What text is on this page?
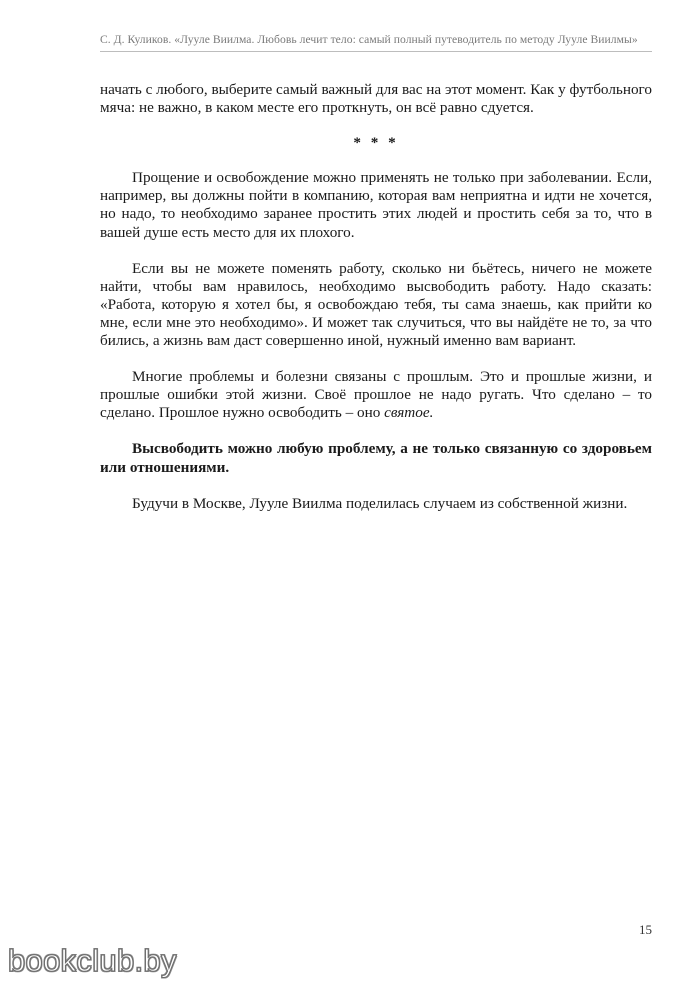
С. Д. Куликов. «Лууле Виилма. Любовь лечит тело: самый полный путеводитель по методу Лууле Виилмы»

начать с любого, выберите самый важный для вас на этот момент. Как у футбольного мяча: не важно, в каком месте его проткнуть, он всё равно сдуется.

* * *

Прощение и освобождение можно применять не только при заболевании. Если, например, вы должны пойти в компанию, которая вам неприятна и идти не хочется, но надо, то необходимо заранее простить этих людей и простить себя за то, что в вашей душе есть место для их плохого.

Если вы не можете поменять работу, сколько ни бьётесь, ничего не можете найти, чтобы вам нравилось, необходимо высвободить работу. Надо сказать: «Работа, которую я хотел бы, я освобождаю тебя, ты сама знаешь, как прийти ко мне, если мне это необходимо». И может так случиться, что вы найдёте не то, за что бились, а жизнь вам даст совершенно иной, нужный именно вам вариант.

Многие проблемы и болезни связаны с прошлым. Это и прошлые жизни, и прошлые ошибки этой жизни. Своё прошлое не надо ругать. Что сделано – то сделано. Прошлое нужно освободить – оно святое.

Высвободить можно любую проблему, а не только связанную со здоровьем или отношениями.

Будучи в Москве, Лууле Виилма поделилась случаем из собственной жизни.

15
bookclub.by
